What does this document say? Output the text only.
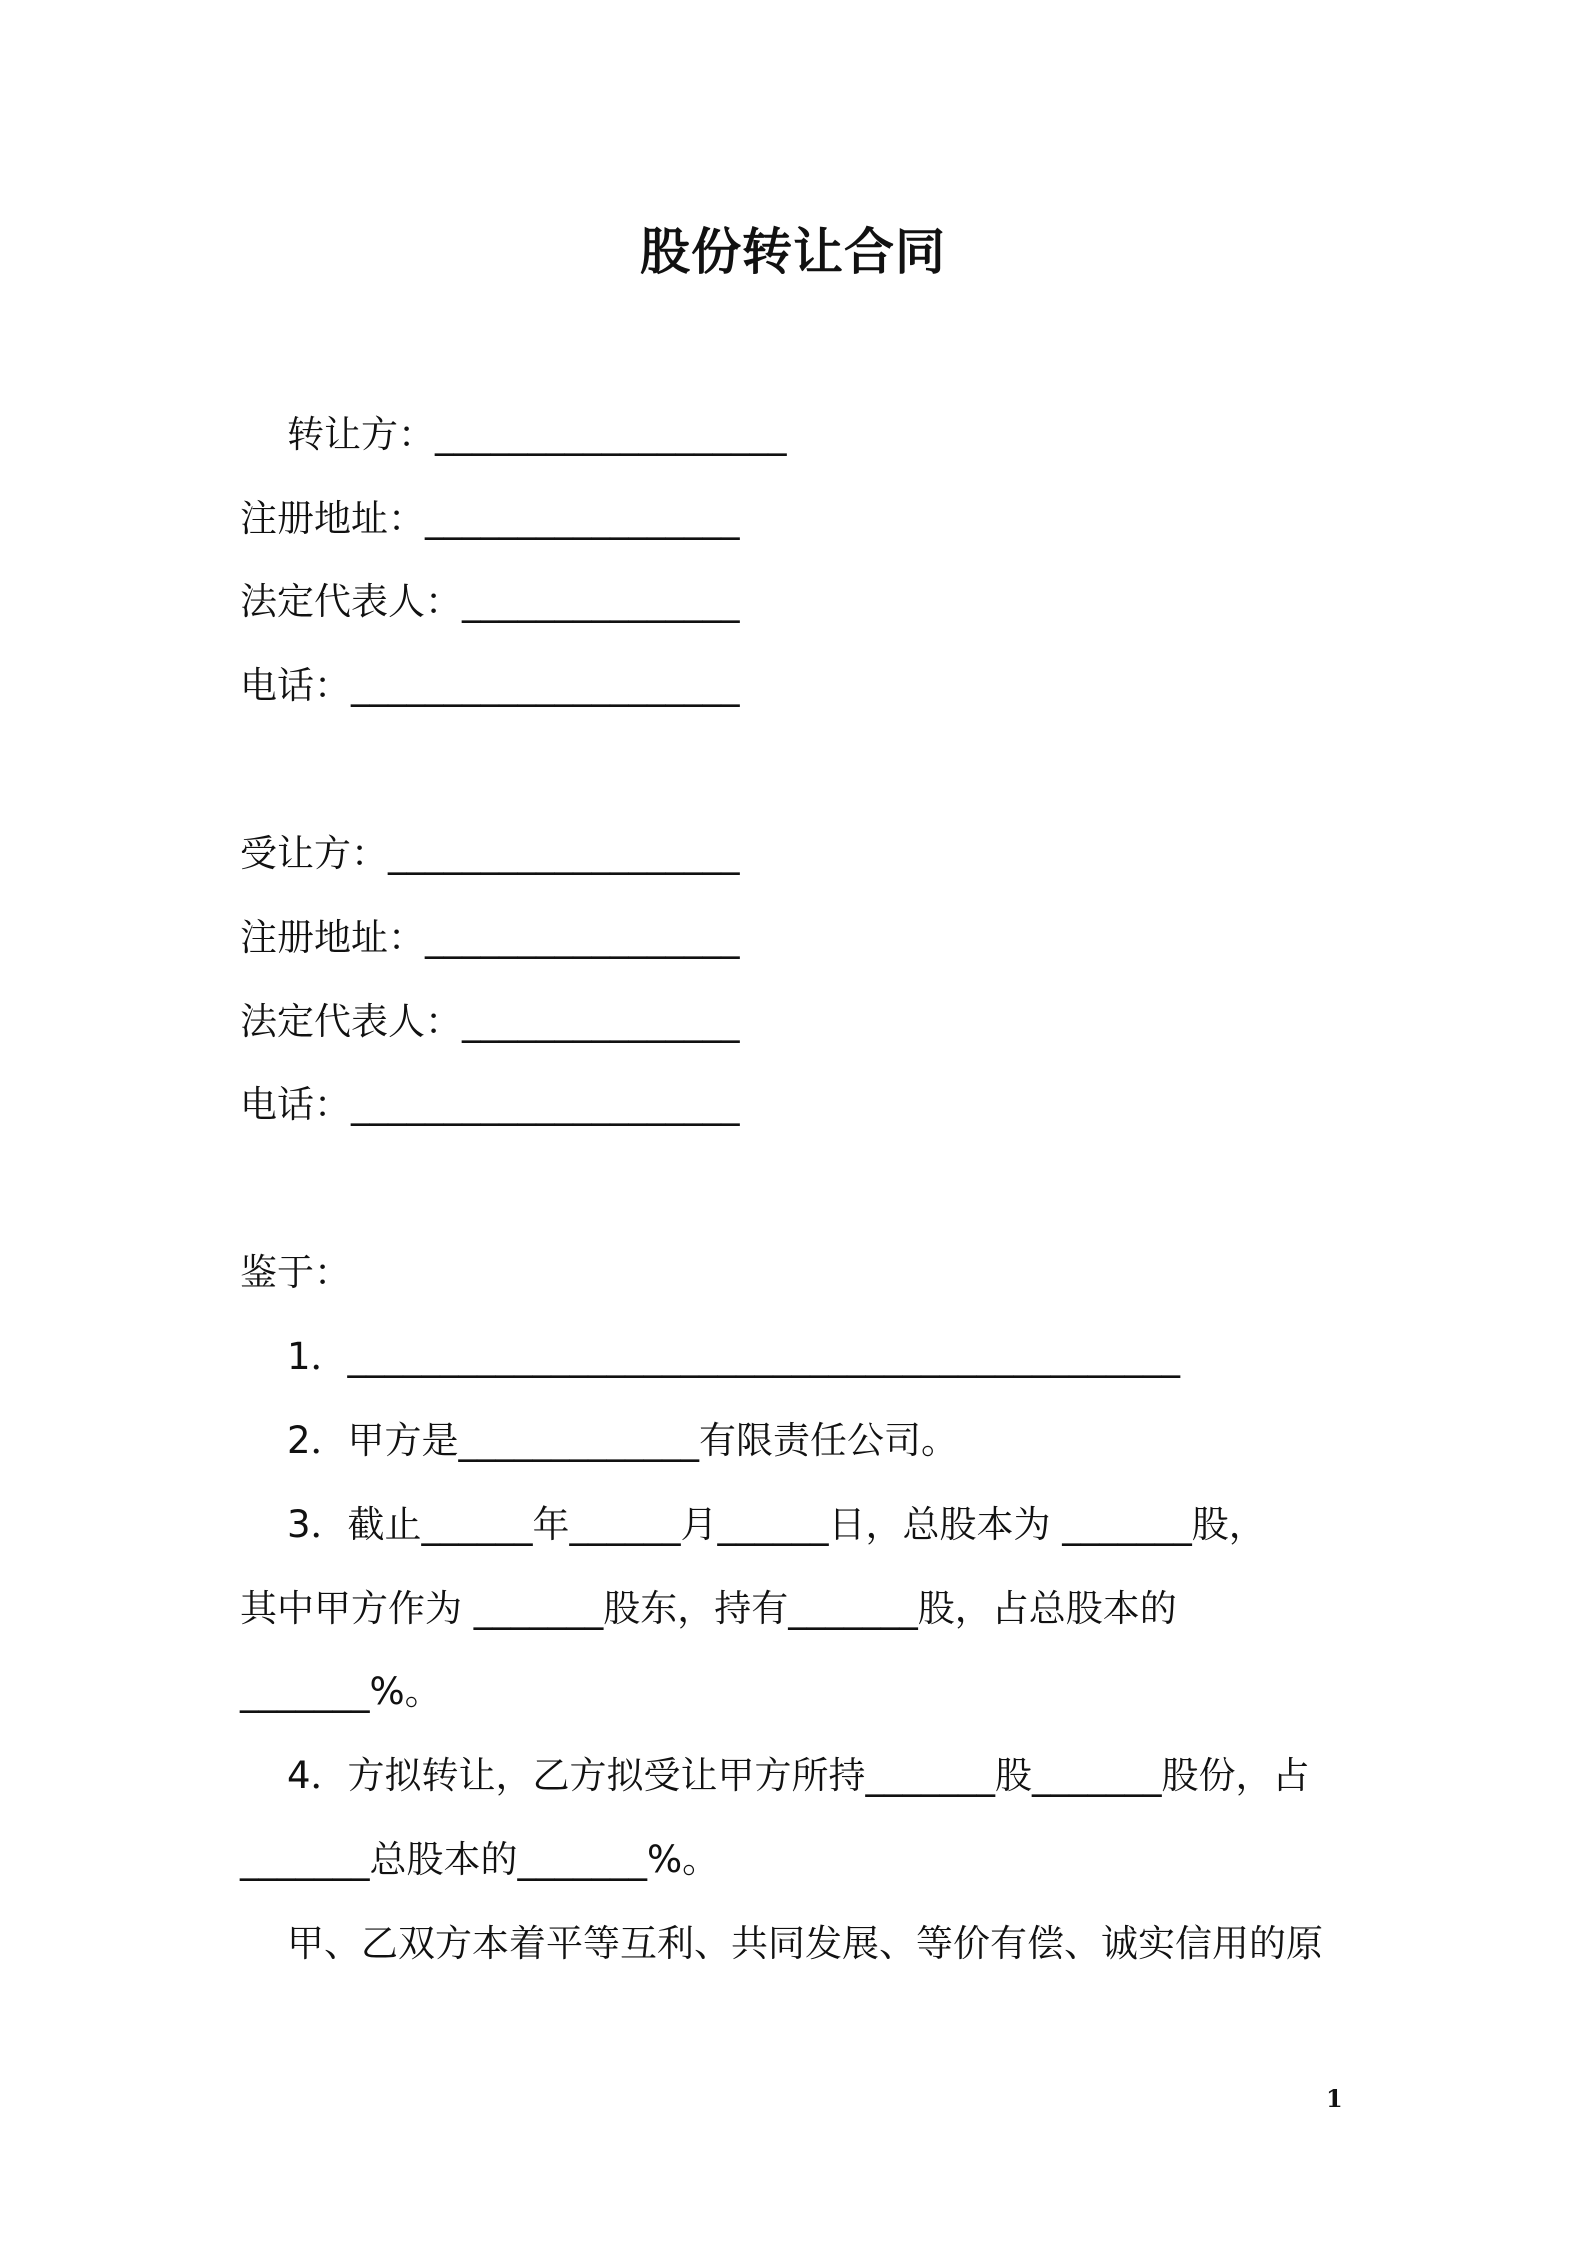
股份转让合同
转让方：___________________
注册地址：_________________
法定代表人：_______________
电话：_____________________
受让方：___________________
注册地址：_________________
法定代表人：_______________
电话：_____________________
鉴于：
1．_____________________________________________
2．甲方是_____________有限责任公司。
3．截止______年______月______日，总股本为 _______股，
其中甲方作为 _______股东，持有_______股，占总股本的
_______%。
4．方拟转让，乙方拟受让甲方所持_______股_______股份，占
_______总股本的_______%。
甲、乙双方本着平等互利、共同发展、等价有偿、诚实信用的原
1
